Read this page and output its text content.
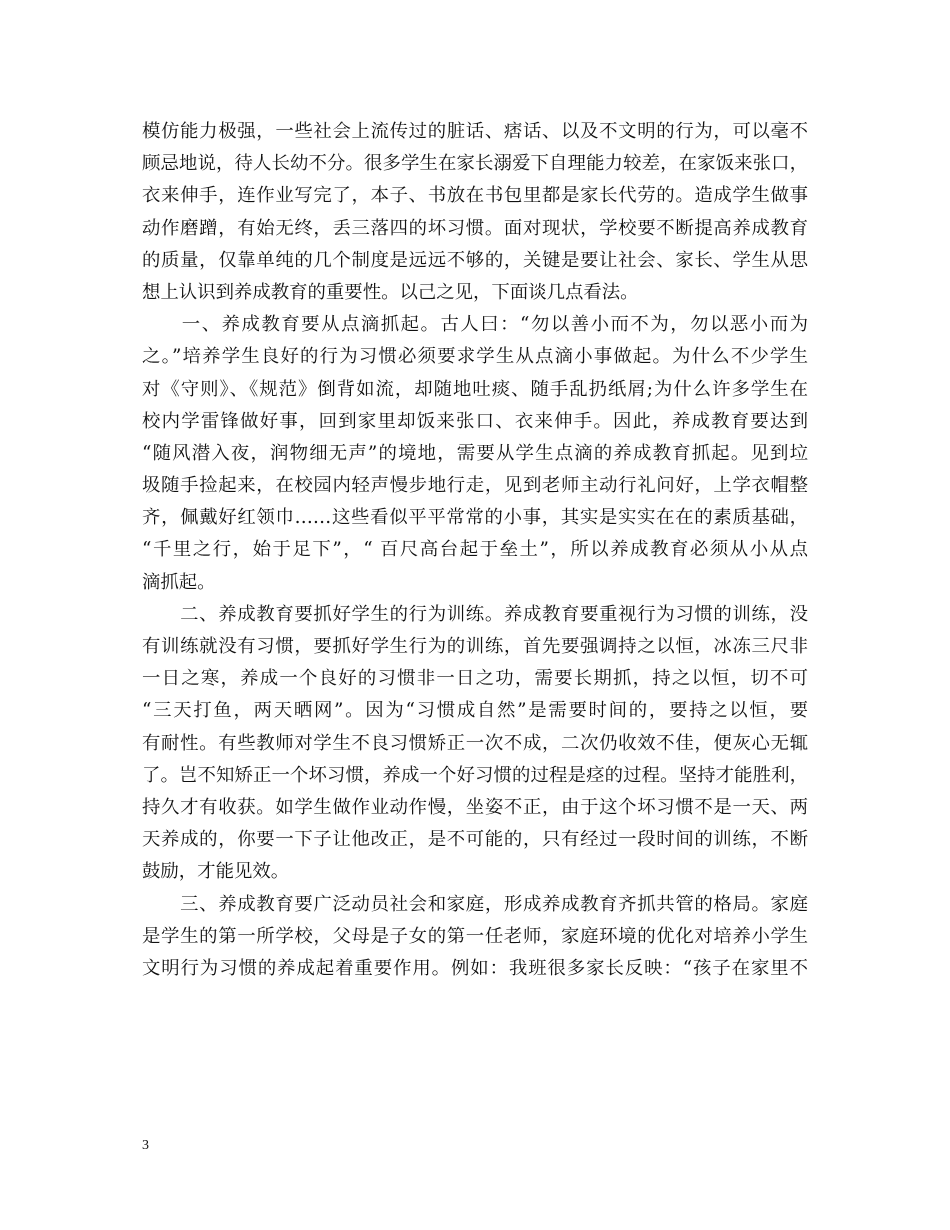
模仿能力极强，一些社会上流传过的脏话、痞话、以及不文明的行为，可以毫不
顾忌地说，待人长幼不分。很多学生在家长溺爱下自理能力较差，在家饭来张口，
衣来伸手，连作业写完了，本子、书放在书包里都是家长代劳的。造成学生做事
动作磨蹭，有始无终，丢三落四的坏习惯。面对现状，学校要不断提高养成教育
的质量，仅靠单纯的几个制度是远远不够的，关键是要让社会、家长、学生从思
想上认识到养成教育的重要性。以己之见，下面谈几点看法。
　　一、养成教育要从点滴抓起。古人曰：“勿以善小而不为，勿以恶小而为
之。”培养学生良好的行为习惯必须要求学生从点滴小事做起。为什么不少学生
对《守则》、《规范》倒背如流，却随地吐痰、随手乱扔纸屑;为什么许多学生在
校内学雷锋做好事，回到家里却饭来张口、衣来伸手。因此，养成教育要达到
“随风潜入夜，润物细无声”的境地，需要从学生点滴的养成教育抓起。见到垃
圾随手捡起来，在校园内轻声慢步地行走，见到老师主动行礼问好，上学衣帽整
齐，佩戴好红领巾……这些看似平平常常的小事，其实是实实在在的素质基础，
“千里之行，始于足下”，“ 百尺高台起于垒土”，所以养成教育必须从小从点
滴抓起。
　　二、养成教育要抓好学生的行为训练。养成教育要重视行为习惯的训练，没
有训练就没有习惯，要抓好学生行为的训练，首先要强调持之以恒，冰冻三尺非
一日之寒，养成一个良好的习惯非一日之功，需要长期抓，持之以恒，切不可
“三天打鱼，两天晒网”。因为“习惯成自然”是需要时间的，要持之以恒，要
有耐性。有些教师对学生不良习惯矫正一次不成，二次仍收效不佳，便灰心无辄
了。岂不知矫正一个坏习惯，养成一个好习惯的过程是痉的过程。坚持才能胜利，
持久才有收获。如学生做作业动作慢，坐姿不正，由于这个坏习惯不是一天、两
天养成的，你要一下子让他改正，是不可能的，只有经过一段时间的训练，不断
鼓励，才能见效。
　　三、养成教育要广泛动员社会和家庭，形成养成教育齐抓共管的格局。家庭
是学生的第一所学校，父母是子女的第一任老师，家庭环境的优化对培养小学生
文明行为习惯的养成起着重要作用。例如：我班很多家长反映：“孩子在家里不
3
